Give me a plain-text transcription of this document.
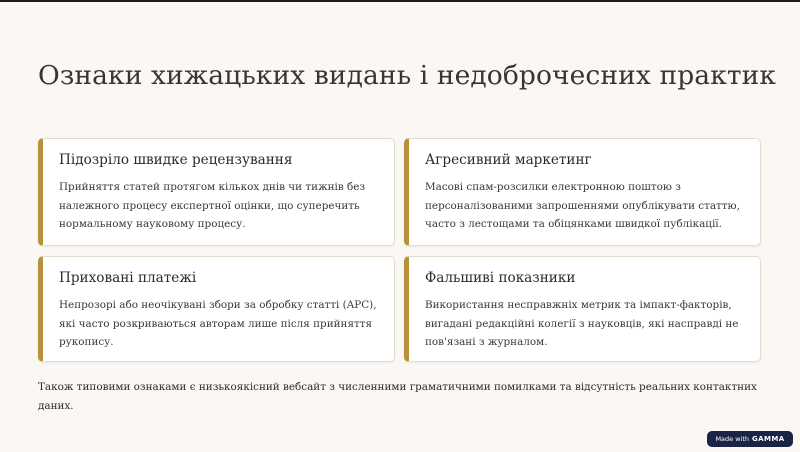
Ознаки хижацьких видань і недоброчесних практик

Підозріло швидке рецензування

Прийняття статей протягом кількох днів чи тижнів без належного процесу експертної оцінки, що суперечить нормальному науковому процесу.

Агресивний маркетинг

Масові спам-розсилки електронною поштою з персоналізованими запрошеннями опублікувати статтю, часто з лестощами та обіцянками швидкої публікації.

Приховані платежі

Непрозорі або неочікувані збори за обробку статті (APC), які часто розкриваються авторам лише після прийняття рукопису.

Фальшиві показники

Використання несправжніх метрик та імпакт-факторів, вигадані редакційні колегії з науковців, які насправді не пов'язані з журналом.

Також типовими ознаками є низькоякісний вебсайт з численними граматичними помилками та відсутність реальних контактних даних.
Made with GAMMA
